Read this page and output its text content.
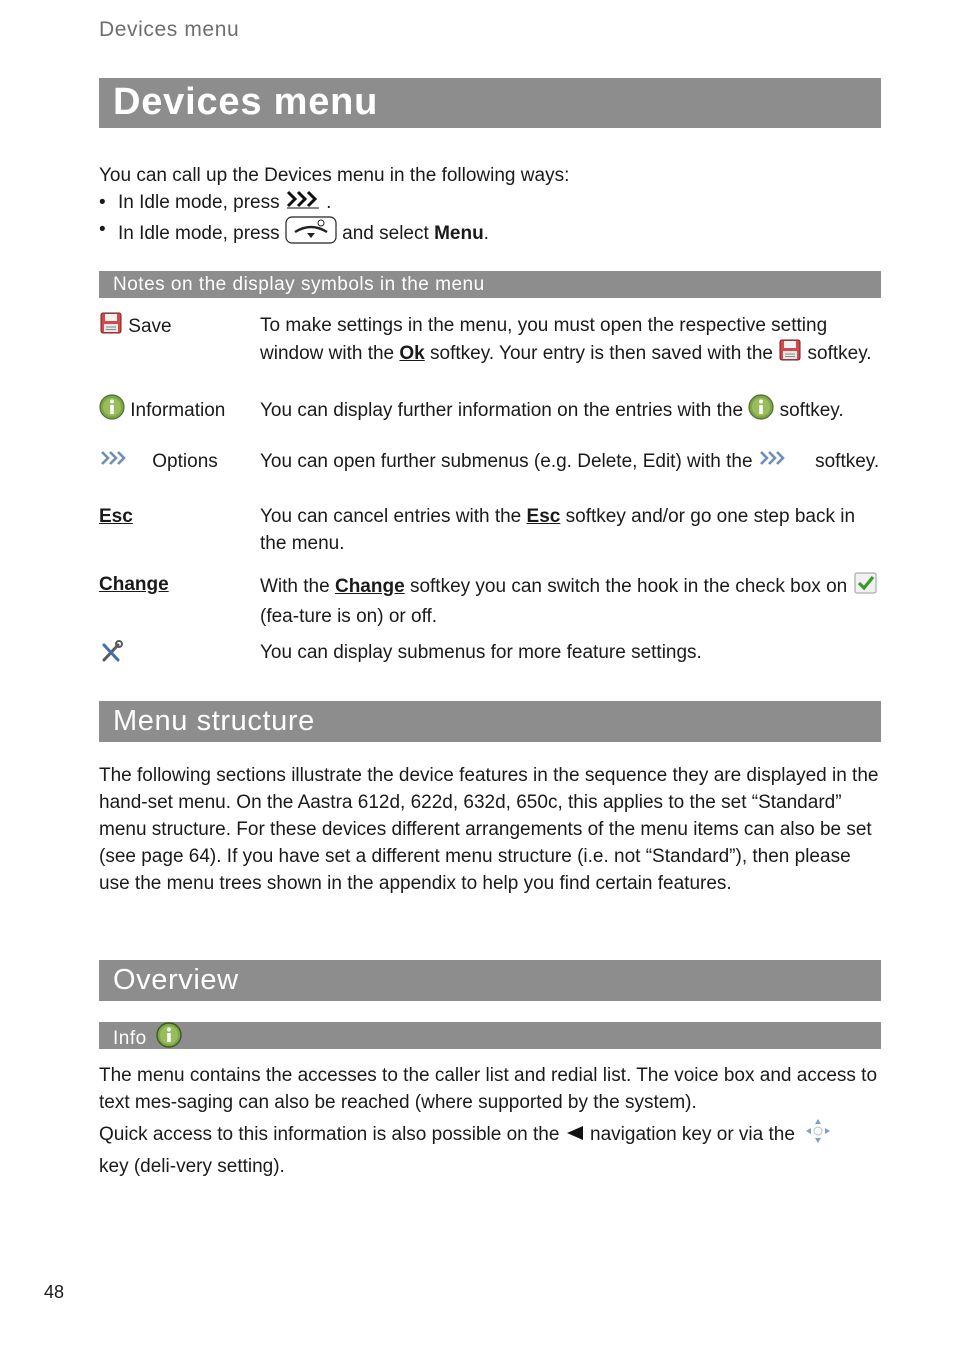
Devices menu
Devices menu
You can call up the Devices menu in the following ways:
• In Idle mode, press .
• In Idle mode, press	and select Menu.
Notes on the display symbols in the menu
Save	To make settings in the menu, you must open the respective setting window with the Ok softkey. Your entry is then saved with the softkey.
Information You can display further information on the entries with the softkey.
Options You can open further submenus (e.g. Delete, Edit) with the	softkey.
Esc	You can cancel entries with the Esc softkey and/or go one step back in the menu.
Change	With the Change softkey you can switch the hook in the check box on  (fea-ture is on) or off.
You can display submenus for more feature settings.
Menu structure
The following sections illustrate the device features in the sequence they are displayed in the hand-set menu. On the Aastra 612d, 622d, 632d, 650c, this applies to the set “Standard” menu structure. For these devices different arrangements of the menu items can also be set (see page 64). If you have set a different menu structure (i.e. not “Standard”), then please use the menu trees shown in the appendix to help you find certain features.
Overview
Info
The menu contains the accesses to the caller list and redial list. The voice box and access to text mes-saging can also be reached (where supported by the system).
Quick access to this information is also possible on the navigation key or via the  key (deli-very setting).
48
